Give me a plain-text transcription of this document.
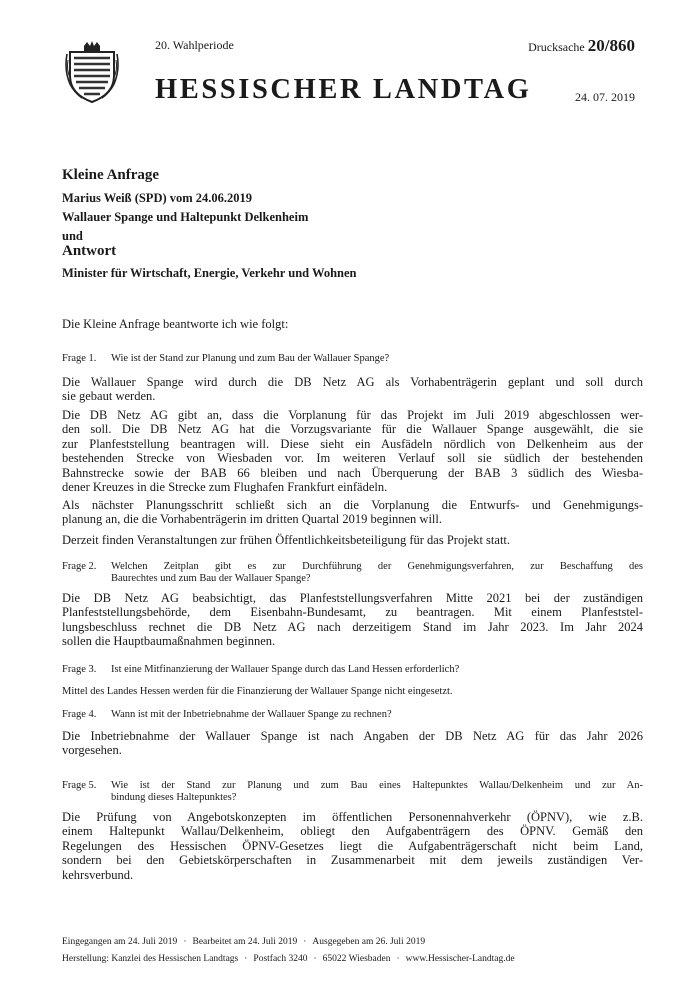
20. Wahlperiode	Drucksache 20/860
HESSISCHER LANDTAG	24. 07. 2019
Kleine Anfrage
Marius Weiß (SPD) vom 24.06.2019
Wallauer Spange und Haltepunkt Delkenheim
und
Antwort
Minister für Wirtschaft, Energie, Verkehr und Wohnen
Die Kleine Anfrage beantworte ich wie folgt:
Frage 1. Wie ist der Stand zur Planung und zum Bau der Wallauer Spange?
Die Wallauer Spange wird durch die DB Netz AG als Vorhabenträgerin geplant und soll durch
sie gebaut werden.
Die DB Netz AG gibt an, dass die Vorplanung für das Projekt im Juli 2019 abgeschlossen wer-
den soll. Die DB Netz AG hat die Vorzugsvariante für die Wallauer Spange ausgewählt, die sie
zur Planfeststellung beantragen will. Diese sieht ein Ausfädeln nördlich von Delkenheim aus der
bestehenden Strecke von Wiesbaden vor. Im weiteren Verlauf soll sie südlich der bestehenden
Bahnstrecke sowie der BAB 66 bleiben und nach Überquerung der BAB 3 südlich des Wiesba-
dener Kreuzes in die Strecke zum Flughafen Frankfurt einfädeln.
Als nächster Planungsschritt schließt sich an die Vorplanung die Entwurfs- und Genehmigungs-
planung an, die die Vorhabenträgerin im dritten Quartal 2019 beginnen will.
Derzeit finden Veranstaltungen zur frühen Öffentlichkeitsbeteiligung für das Projekt statt.
Frage 2. Welchen Zeitplan gibt es zur Durchführung der Genehmigungsverfahren, zur Beschaffung des
Baurechtes und zum Bau der Wallauer Spange?
Die DB Netz AG beabsichtigt, das Planfeststellungsverfahren Mitte 2021 bei der zuständigen
Planfeststellungsbehörde, dem Eisenbahn-Bundesamt, zu beantragen. Mit einem Planfeststel-
lungsbeschluss rechnet die DB Netz AG nach derzeitigem Stand im Jahr 2023. Im Jahr 2024
sollen die Hauptbaumaßnahmen beginnen.
Frage 3. Ist eine Mitfinanzierung der Wallauer Spange durch das Land Hessen erforderlich?
Mittel des Landes Hessen werden für die Finanzierung der Wallauer Spange nicht eingesetzt.
Frage 4. Wann ist mit der Inbetriebnahme der Wallauer Spange zu rechnen?
Die Inbetriebnahme der Wallauer Spange ist nach Angaben der DB Netz AG für das Jahr 2026
vorgesehen.
Frage 5. Wie ist der Stand zur Planung und zum Bau eines Haltepunktes Wallau/Delkenheim und zur An-
bindung dieses Haltepunktes?
Die Prüfung von Angebotskonzepten im öffentlichen Personennahverkehr (ÖPNV), wie z.B.
einem Haltepunkt Wallau/Delkenheim, obliegt den Aufgabenträgern des ÖPNV. Gemäß den
Regelungen des Hessischen ÖPNV-Gesetzes liegt die Aufgabenträgerschaft nicht beim Land,
sondern bei den Gebietskörperschaften in Zusammenarbeit mit dem jeweils zuständigen Ver-
kehrsverbund.
Eingegangen am 24. Juli 2019 · Bearbeitet am 24. Juli 2019 · Ausgegeben am 26. Juli 2019
Herstellung: Kanzlei des Hessischen Landtags · Postfach 3240 · 65022 Wiesbaden · www.Hessischer-Landtag.de
